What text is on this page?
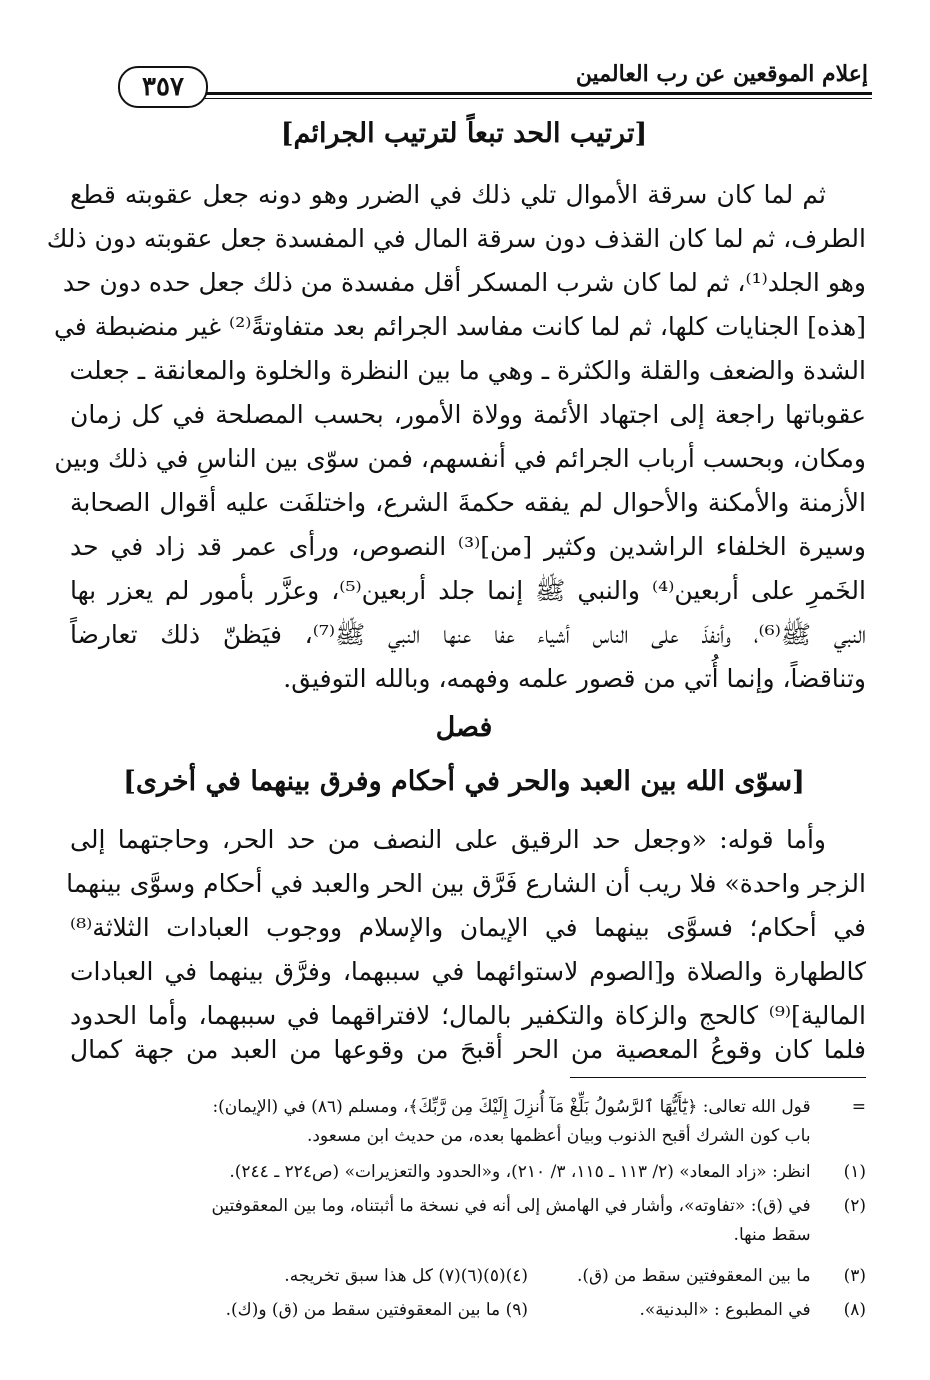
إعلام الموقعين عن رب العالمين
٣٥٧
[ترتيب الحد تبعاً لترتيب الجرائم]
ثم لما كان سرقة الأموال تلي ذلك في الضرر وهو دونه جعل عقوبته قطع
الطرف، ثم لما كان القذف دون سرقة المال في المفسدة جعل عقوبته دون ذلك
وهو الجلد⁽¹⁾، ثم لما كان شرب المسكر أقل مفسدة من ذلك جعل حده دون حد
[هذه] الجنايات كلها، ثم لما كانت مفاسد الجرائم بعد متفاوتةً⁽²⁾ غير منضبطة في
الشدة والضعف والقلة والكثرة ـ وهي ما بين النظرة والخلوة والمعانقة ـ جعلت
عقوباتها راجعة إلى اجتهاد الأئمة وولاة الأمور، بحسب المصلحة في كل زمان
ومكان، وبحسب أرباب الجرائم في أنفسهم، فمن سوّى بين الناسِ في ذلك وبين
الأزمنة والأمكنة والأحوال لم يفقه حكمةَ الشرع، واختلفَت عليه أقوال الصحابة
وسيرة الخلفاء الراشدين وكثير [من]⁽³⁾ النصوص، ورأى عمر قد زاد في حد
الخَمرِ على أربعين⁽⁴⁾ والنبي ﷺ إنما جلد أربعين⁽⁵⁾، وعزَّر بأمور لم يعزر بها
النبي ﷺ⁽⁶⁾، وأنفذَ على الناس أشياء عفا عنها النبي ﷺ⁽⁷⁾، فيَظنّ ذلك تعارضاً
وتناقضاً، وإنما أُتي من قصور علمه وفهمه، وبالله التوفيق.
فصل
[سوّى الله بين العبد والحر في أحكام وفرق بينهما في أخرى]
وأما قوله: «وجعل حد الرقيق على النصف من حد الحر، وحاجتهما إلى
الزجر واحدة» فلا ريب أن الشارع فَرَّق بين الحر والعبد في أحكام وسوَّى بينهما
في أحكام؛ فسوَّى بينهما في الإيمان والإسلام ووجوب العبادات الثلاثة⁽⁸⁾
كالطهارة والصلاة و[الصوم لاستوائهما في سببهما، وفرَّق بينهما في العبادات
المالية]⁽⁹⁾ كالحج والزكاة والتكفير بالمال؛ لافتراقهما في سببهما، وأما الحدود
فلما كان وقوعُ المعصية من الحر أقبحَ من وقوعها من العبد من جهة كمال
= قول الله تعالى: ﴿يَٰٓأَيُّهَا ٱلرَّسُولُ بَلِّغْ مَآ أُنزِلَ إِلَيْكَ مِن رَّبِّكَ﴾، ومسلم (٨٦) في (الإيمان):
باب كون الشرك أقبح الذنوب وبيان أعظمها بعده، من حديث ابن مسعود.
(١) انظر: «زاد المعاد» (٢/ ١١٣ ـ ١١٥، ٣/ ٢١٠)، و«الحدود والتعزيرات» (ص٢٢٤ ـ ٢٤٤).
(٢) في (ق): «تفاوته»، وأشار في الهامش إلى أنه في نسخة ما أثبتناه، وما بين المعقوفتين
سقط منها.
(٣) ما بين المعقوفتين سقط من (ق).
(٤)(٥)(٦)(٧) كل هذا سبق تخريجه.
(٨) في المطبوع : «البدنية».
(٩) ما بين المعقوفتين سقط من (ق) و(ك).
